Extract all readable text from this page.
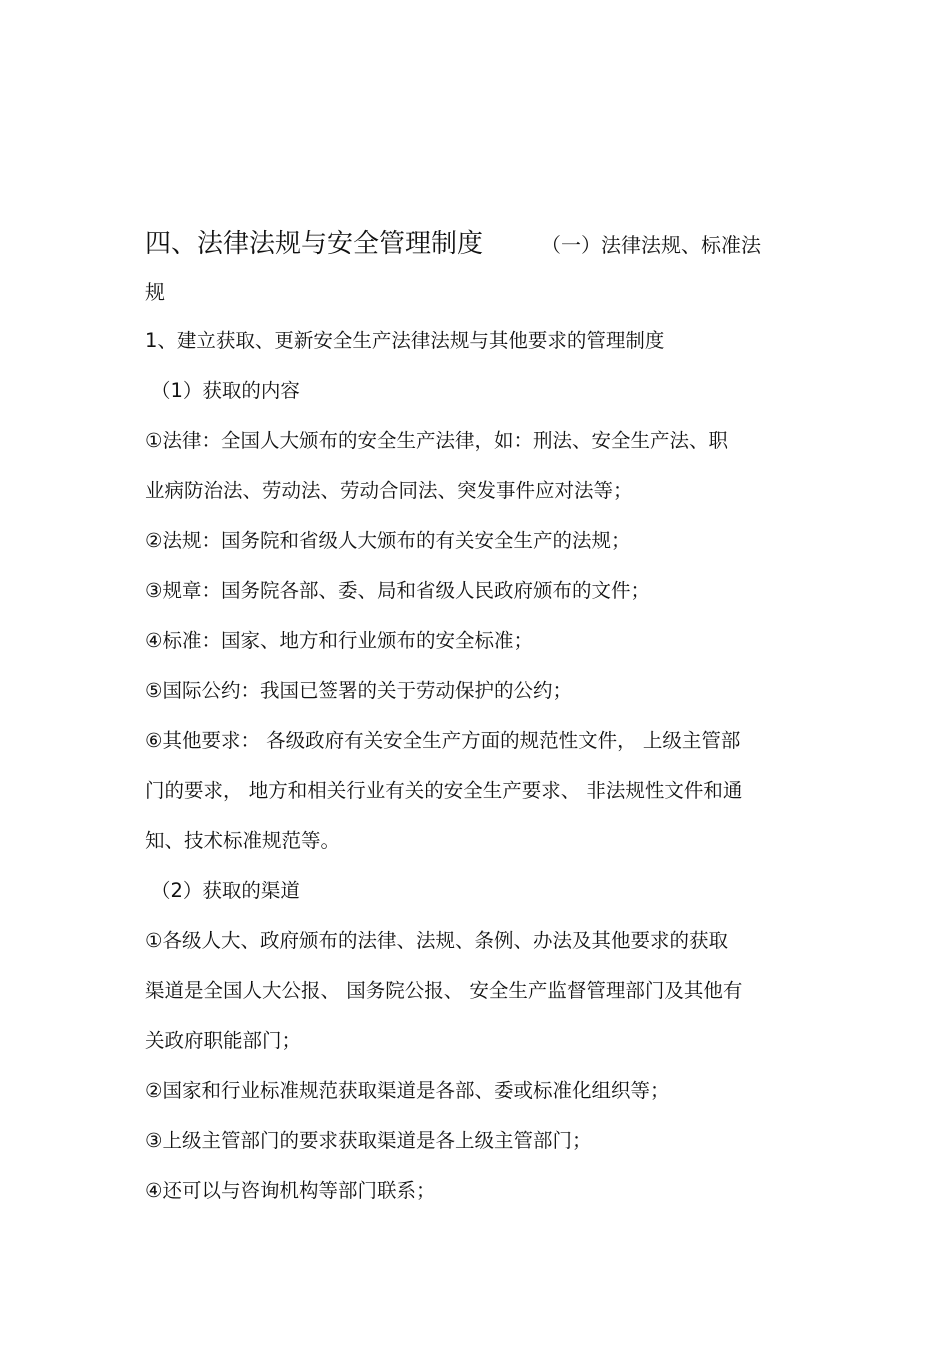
四、法律法规与安全管理制度	（一）法律法规、标准法
规
1、建立获取、更新安全生产法律法规与其他要求的管理制度
（1）获取的内容
①法律：全国人大颁布的安全生产法律，如：刑法、安全生产法、职
业病防治法、劳动法、劳动合同法、突发事件应对法等；
②法规：国务院和省级人大颁布的有关安全生产的法规；
③规章：国务院各部、委、局和省级人民政府颁布的文件；
④标准：国家、地方和行业颁布的安全标准；
⑤国际公约：我国已签署的关于劳动保护的公约；
⑥其他要求： 各级政府有关安全生产方面的规范性文件， 上级主管部
门的要求， 地方和相关行业有关的安全生产要求、 非法规性文件和通
知、技术标准规范等。
（2）获取的渠道
①各级人大、政府颁布的法律、法规、条例、办法及其他要求的获取
渠道是全国人大公报、 国务院公报、 安全生产监督管理部门及其他有
关政府职能部门；
②国家和行业标准规范获取渠道是各部、委或标准化组织等；
③上级主管部门的要求获取渠道是各上级主管部门；
④还可以与咨询机构等部门联系；
